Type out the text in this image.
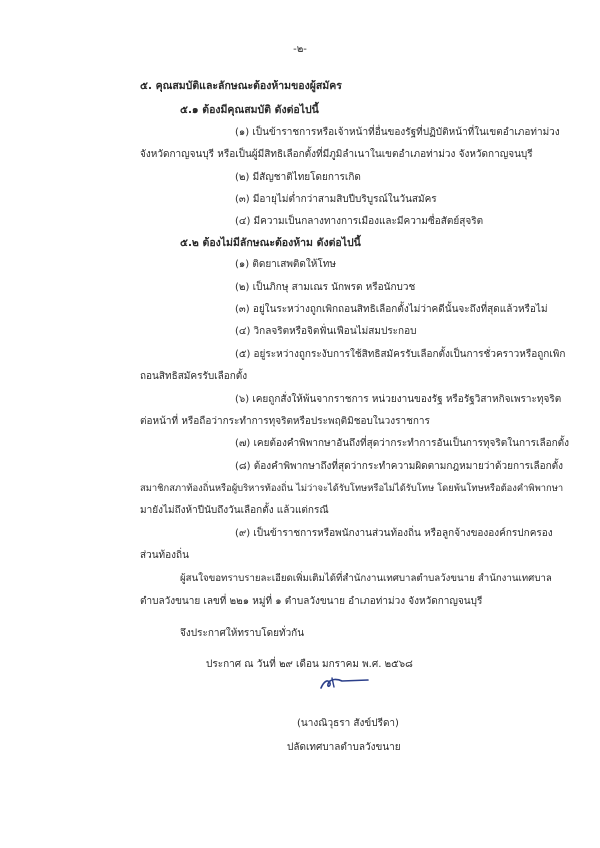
-๒-
๕. คุณสมบัติและลักษณะต้องห้ามของผู้สมัคร
๕.๑ ต้องมีคุณสมบัติ ดังต่อไปนี้
(๑) เป็นข้าราชการหรือเจ้าหน้าที่อื่นของรัฐที่ปฏิบัติหน้าที่ในเขตอำเภอท่าม่วง
จังหวัดกาญจนบุรี หรือเป็นผู้มีสิทธิเลือกตั้งที่มีภูมิลำเนาในเขตอำเภอท่าม่วง จังหวัดกาญจนบุรี
(๒) มีสัญชาติไทยโดยการเกิด
(๓) มีอายุไม่ต่ำกว่าสามสิบปีบริบูรณ์ในวันสมัคร
(๔) มีความเป็นกลางทางการเมืองและมีความซื่อสัตย์สุจริต
๕.๒ ต้องไม่มีลักษณะต้องห้าม ดังต่อไปนี้
(๑) ติดยาเสพติดให้โทษ
(๒) เป็นภิกษุ สามเณร นักพรต หรือนักบวช
(๓) อยู่ในระหว่างถูกเพิกถอนสิทธิเลือกตั้งไม่ว่าคดีนั้นจะถึงที่สุดแล้วหรือไม่
(๔) วิกลจริตหรือจิตฟั่นเฟือนไม่สมประกอบ
(๕) อยู่ระหว่างถูกระงับการใช้สิทธิสมัครรับเลือกตั้งเป็นการชั่วคราวหรือถูกเพิก
ถอนสิทธิสมัครรับเลือกตั้ง
(๖) เคยถูกสั่งให้พ้นจากราชการ หน่วยงานของรัฐ หรือรัฐวิสาหกิจเพราะทุจริต
ต่อหน้าที่ หรือถือว่ากระทำการทุจริตหรือประพฤติมิชอบในวงราชการ
(๗) เคยต้องคำพิพากษาอันถึงที่สุดว่ากระทำการอันเป็นการทุจริตในการเลือกตั้ง
(๘) ต้องคำพิพากษาถึงที่สุดว่ากระทำความผิดตามกฎหมายว่าด้วยการเลือกตั้ง
สมาชิกสภาท้องถิ่นหรือผู้บริหารท้องถิ่น ไม่ว่าจะได้รับโทษหรือไม่ได้รับโทษ โดยพ้นโทษหรือต้องคำพิพากษา
มายังไม่ถึงห้าปีนับถึงวันเลือกตั้ง แล้วแต่กรณี
(๙) เป็นข้าราชการหรือพนักงานส่วนท้องถิ่น หรือลูกจ้างขององค์กรปกครอง
ส่วนท้องถิ่น
ผู้สนใจขอทราบรายละเอียดเพิ่มเติมได้ที่สำนักงานเทศบาลตำบลวังขนาย สำนักงานเทศบาล
ตำบลวังขนาย เลขที่ ๒๒๑ หมู่ที่ ๑ ตำบลวังขนาย อำเภอท่าม่วง จังหวัดกาญจนบุรี
จึงประกาศให้ทราบโดยทั่วกัน
ประกาศ ณ วันที่ ๒๙ เดือน มกราคม พ.ศ. ๒๕๖๘
(นางณิวุธรา สังข์ปรีดา)
ปลัดเทศบาลตำบลวังขนาย
